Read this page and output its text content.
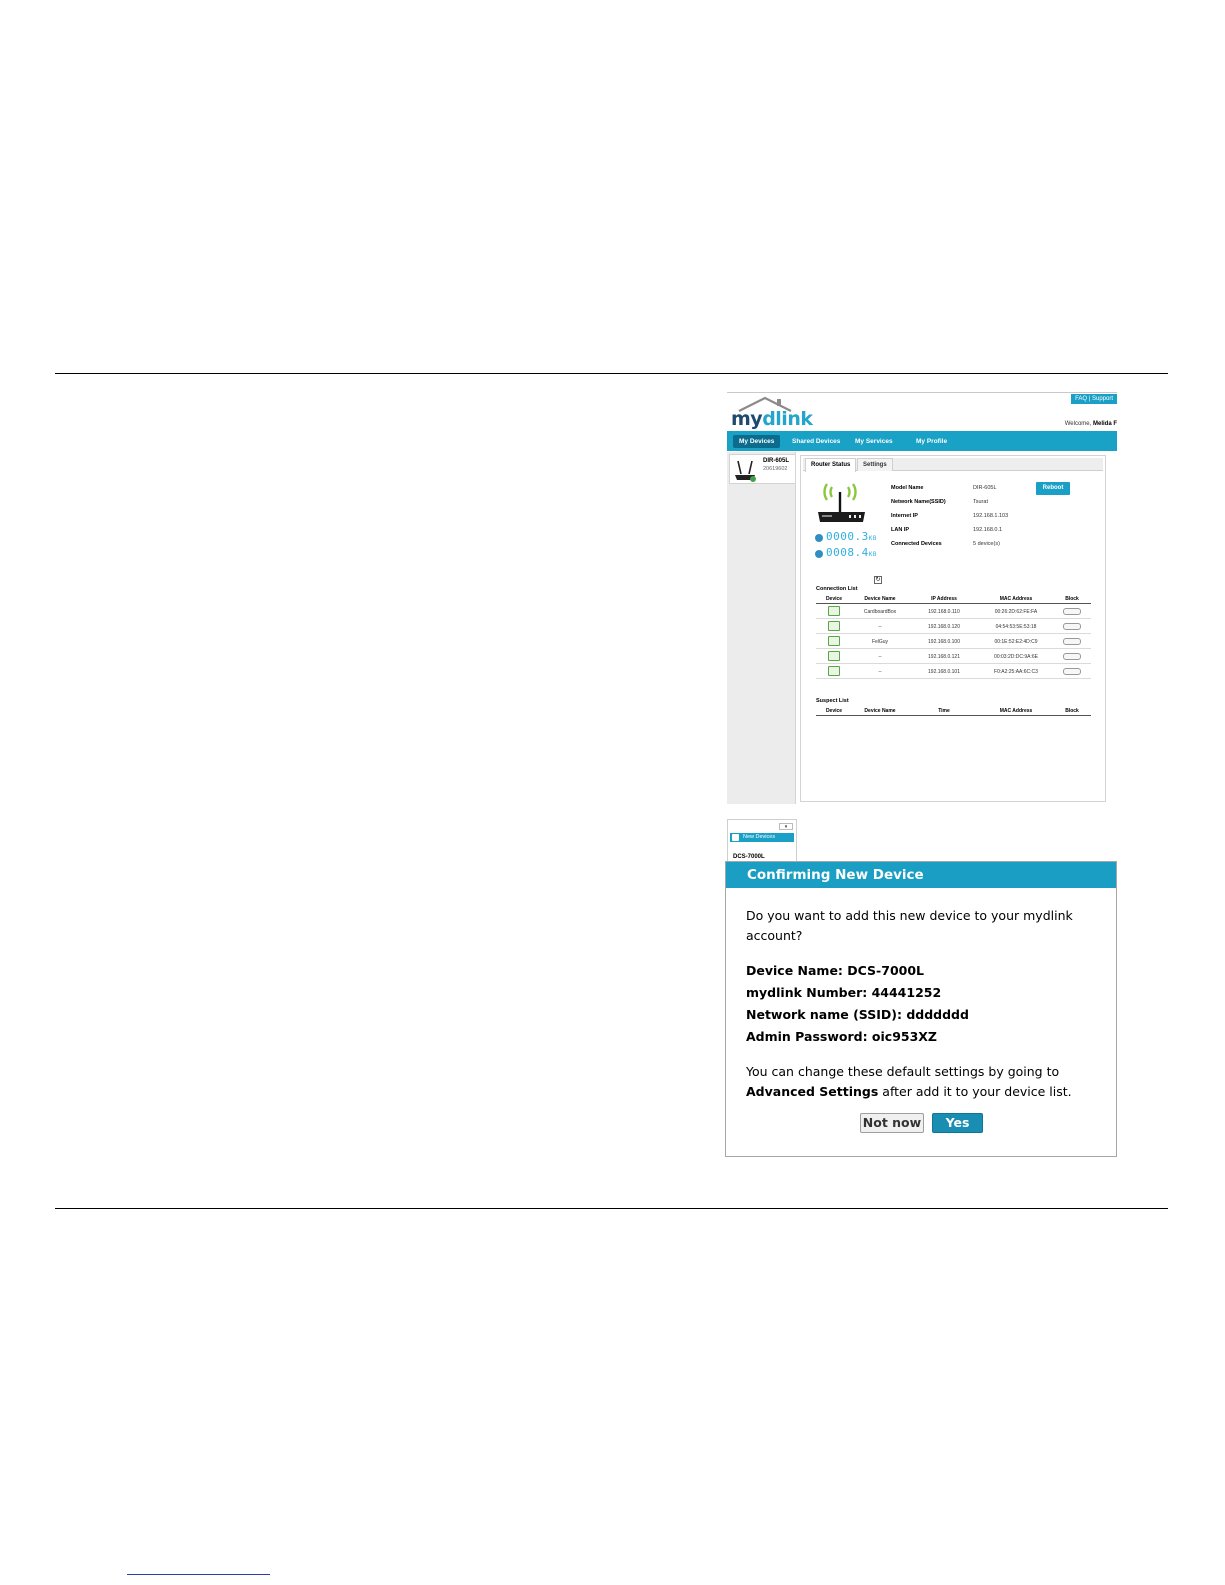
FAQ | Support
mydlink	Welcome, Melida F
My Devices	Shared Devices	My Services	My Profile
DIR-605L
20619602
▾
New Devices
DCS-7000L
Router Status	Settings
0000.3KB
0008.4KB
↻
Model Name	DIR-605L
Network Name(SSID)	Tsurat
Internet IP	192.168.1.103
LAN IP	192.168.0.1
Connected Devices	5 device(s)
Reboot
Connection List
Device	Device Name	IP Address	MAC Address	Block
CardboardBox	192.168.0.110	00:26:2D:62:FE:FA
--	192.168.0.120	04:54:53:5E:53:18
FelGuy	192.168.0.100	00:1E:52:E2:4D:C9
--	192.168.0.121	00:03:2D:DC:9A:6E
--	192.168.0.101	F0:A2:25:AA:6C:C3
Suspect List
Device	Device Name	Time	MAC Address	Block
Confirming New Device
Do you want to add this new device to your mydlink account?
Device Name: DCS-7000L
mydlink Number: 44441252
Network name (SSID): ddddddd
Admin Password: oic953XZ
You can change these default settings by going to Advanced Settings after add it to your device list.
Not now	Yes
